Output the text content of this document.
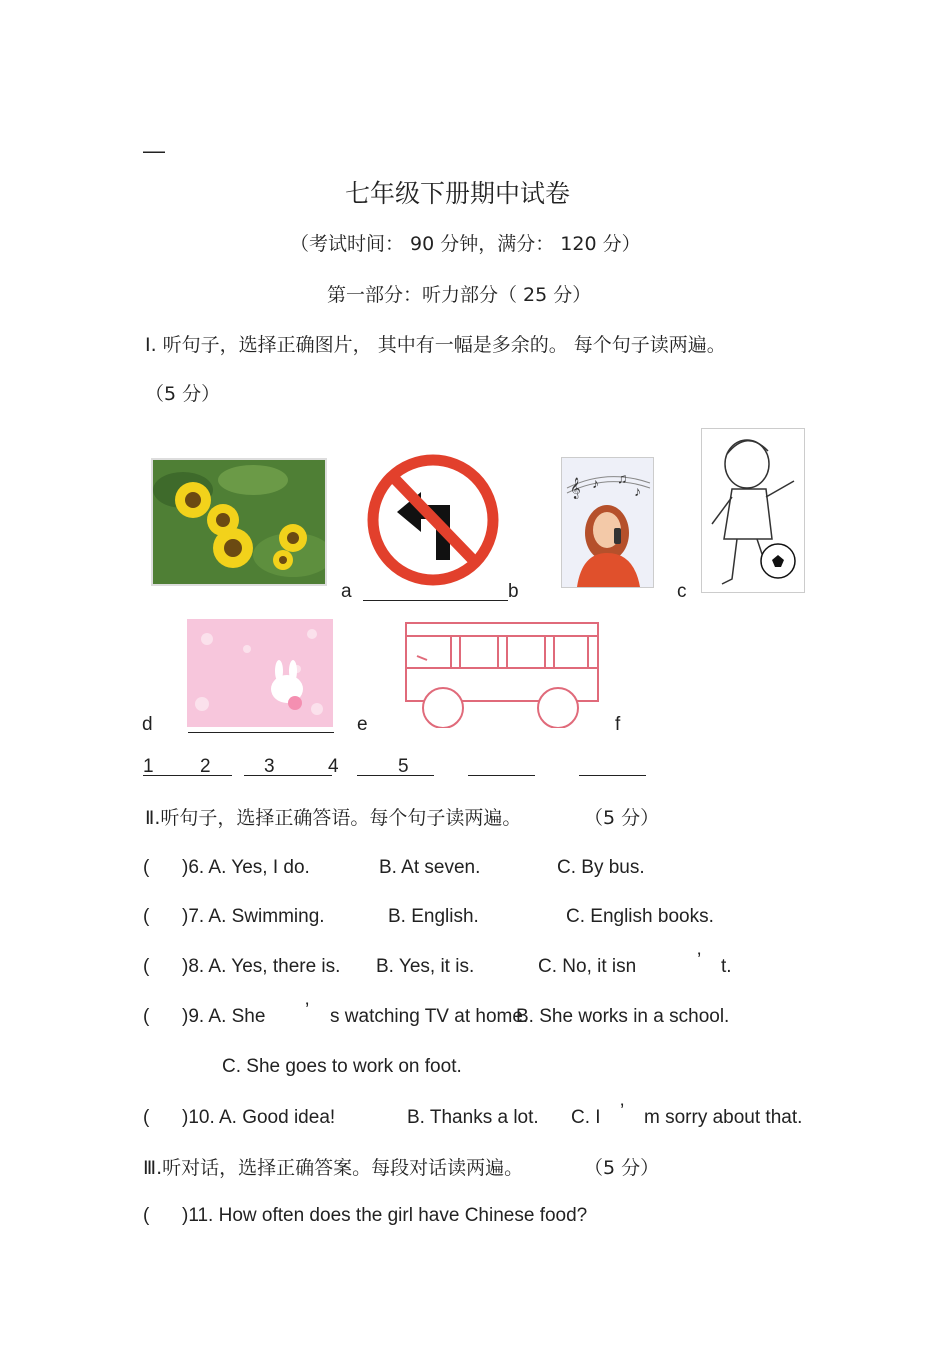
—
七年级下册期中试卷
（考试时间： 90 分钟，满分： 120 分）
第一部分：听力部分（ 25 分）
Ⅰ. 听句子，选择正确图片， 其中有一幅是多余的。 每个句子读两遍。
（5 分）
𝄞 ♪ ♫
♪
a	b	c
d	e	f
1 2	3	4	5
Ⅱ.听句子，选择正确答语。每个句子读两遍。	（5 分）
( )6. A. Yes, I do.	B. At seven.	C. By bus.
( )7. A. Swimming.	B. English.	C. English books.
( )8. A. Yes, there is. B. Yes, it is.	C. No, it isn	’ t.
( )9. A. She ’ s watching TV at home.
B. She works in a school.
C. She goes to work on foot.
( )10. A. Good idea!	B. Thanks a lot. C. I ’ m sorry about that.
Ⅲ.听对话，选择正确答案。每段对话读两遍。	（5 分）
( )11. How often does the girl have Chinese food?
